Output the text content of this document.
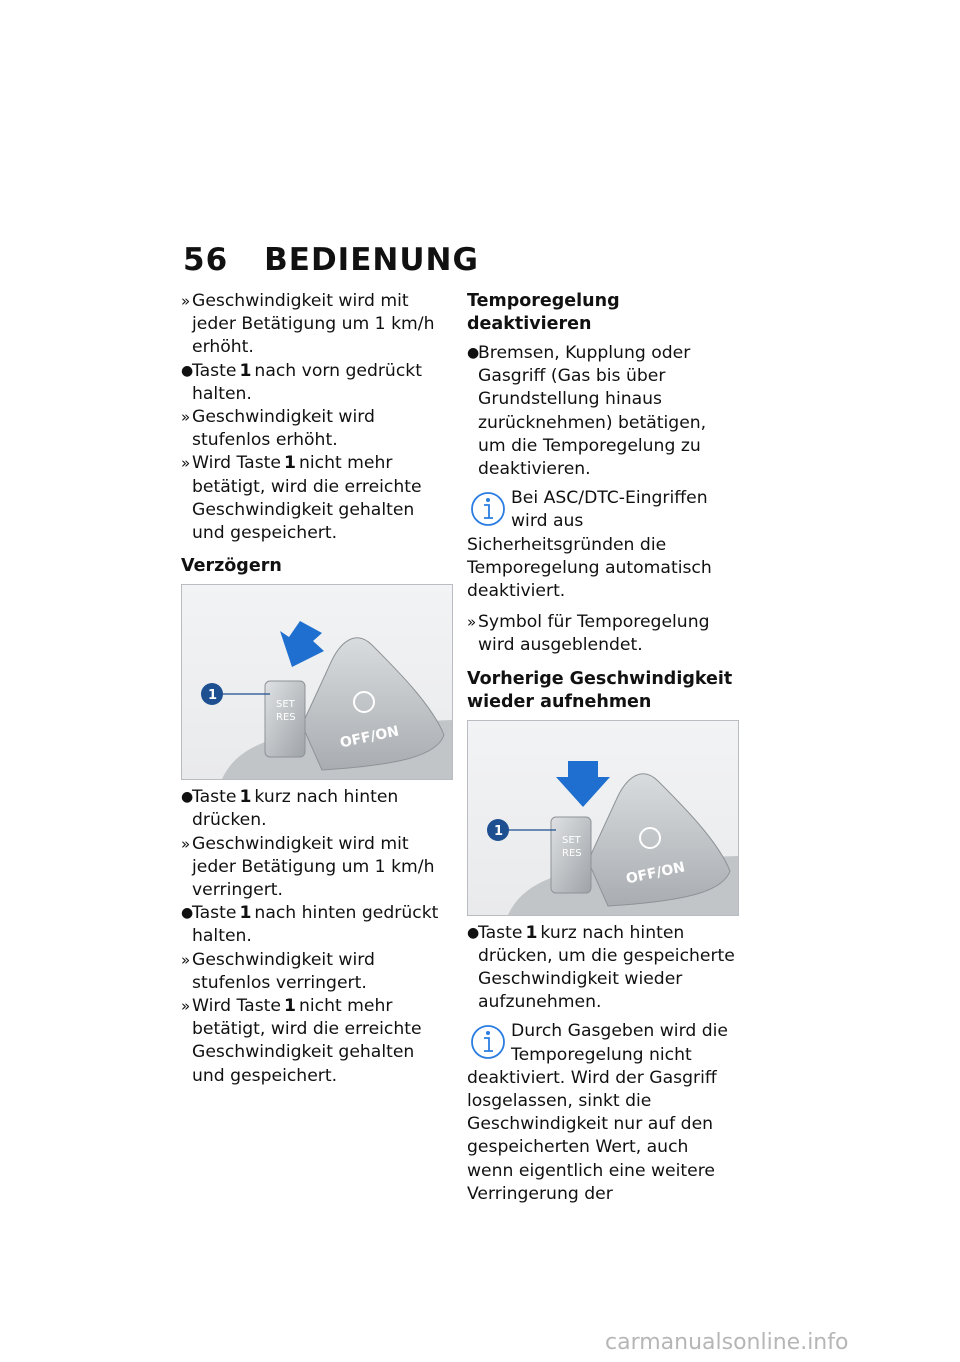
56 BEDIENUNG
» Geschwindigkeit wird mit jeder Betätigung um 1 km/h erhöht.
●
Taste 1 nach vorn gedrückt halten.
» Geschwindigkeit wird stufenlos erhöht.
» Wird Taste 1 nicht mehr betätigt, wird die erreichte Geschwindigkeit gehalten und gespeichert.
Verzögern
SET
RES
OFF/ON
1
●
Taste 1 kurz nach hinten drücken.
» Geschwindigkeit wird mit jeder Betätigung um 1 km/h verringert.
●
Taste 1 nach hinten gedrückt halten.
» Geschwindigkeit wird stufenlos verringert.
» Wird Taste 1 nicht mehr betätigt, wird die erreichte Geschwindigkeit gehalten und gespeichert.
Temporegelung deaktivieren
●
Bremsen, Kupplung oder Gasgriff (Gas bis über Grundstellung hinaus zurücknehmen) betätigen, um die Temporegelung zu deaktivieren.
Bei ASC/DTC-Eingriffen wird aus Sicherheitsgründen die Temporegelung automatisch deaktiviert.
» Symbol für Temporegelung wird ausgeblendet.
Vorherige Geschwindigkeit wieder aufnehmen
SET
RES
OFF/ON
1
●
Taste 1 kurz nach hinten drücken, um die gespeicherte Geschwindigkeit wieder aufzunehmen.
Durch Gasgeben wird die Temporegelung nicht deaktiviert. Wird der Gasgriff losgelassen, sinkt die Geschwindigkeit nur auf den gespeicherten Wert, auch wenn eigentlich eine weitere Verringerung der
carmanualsonline.info
